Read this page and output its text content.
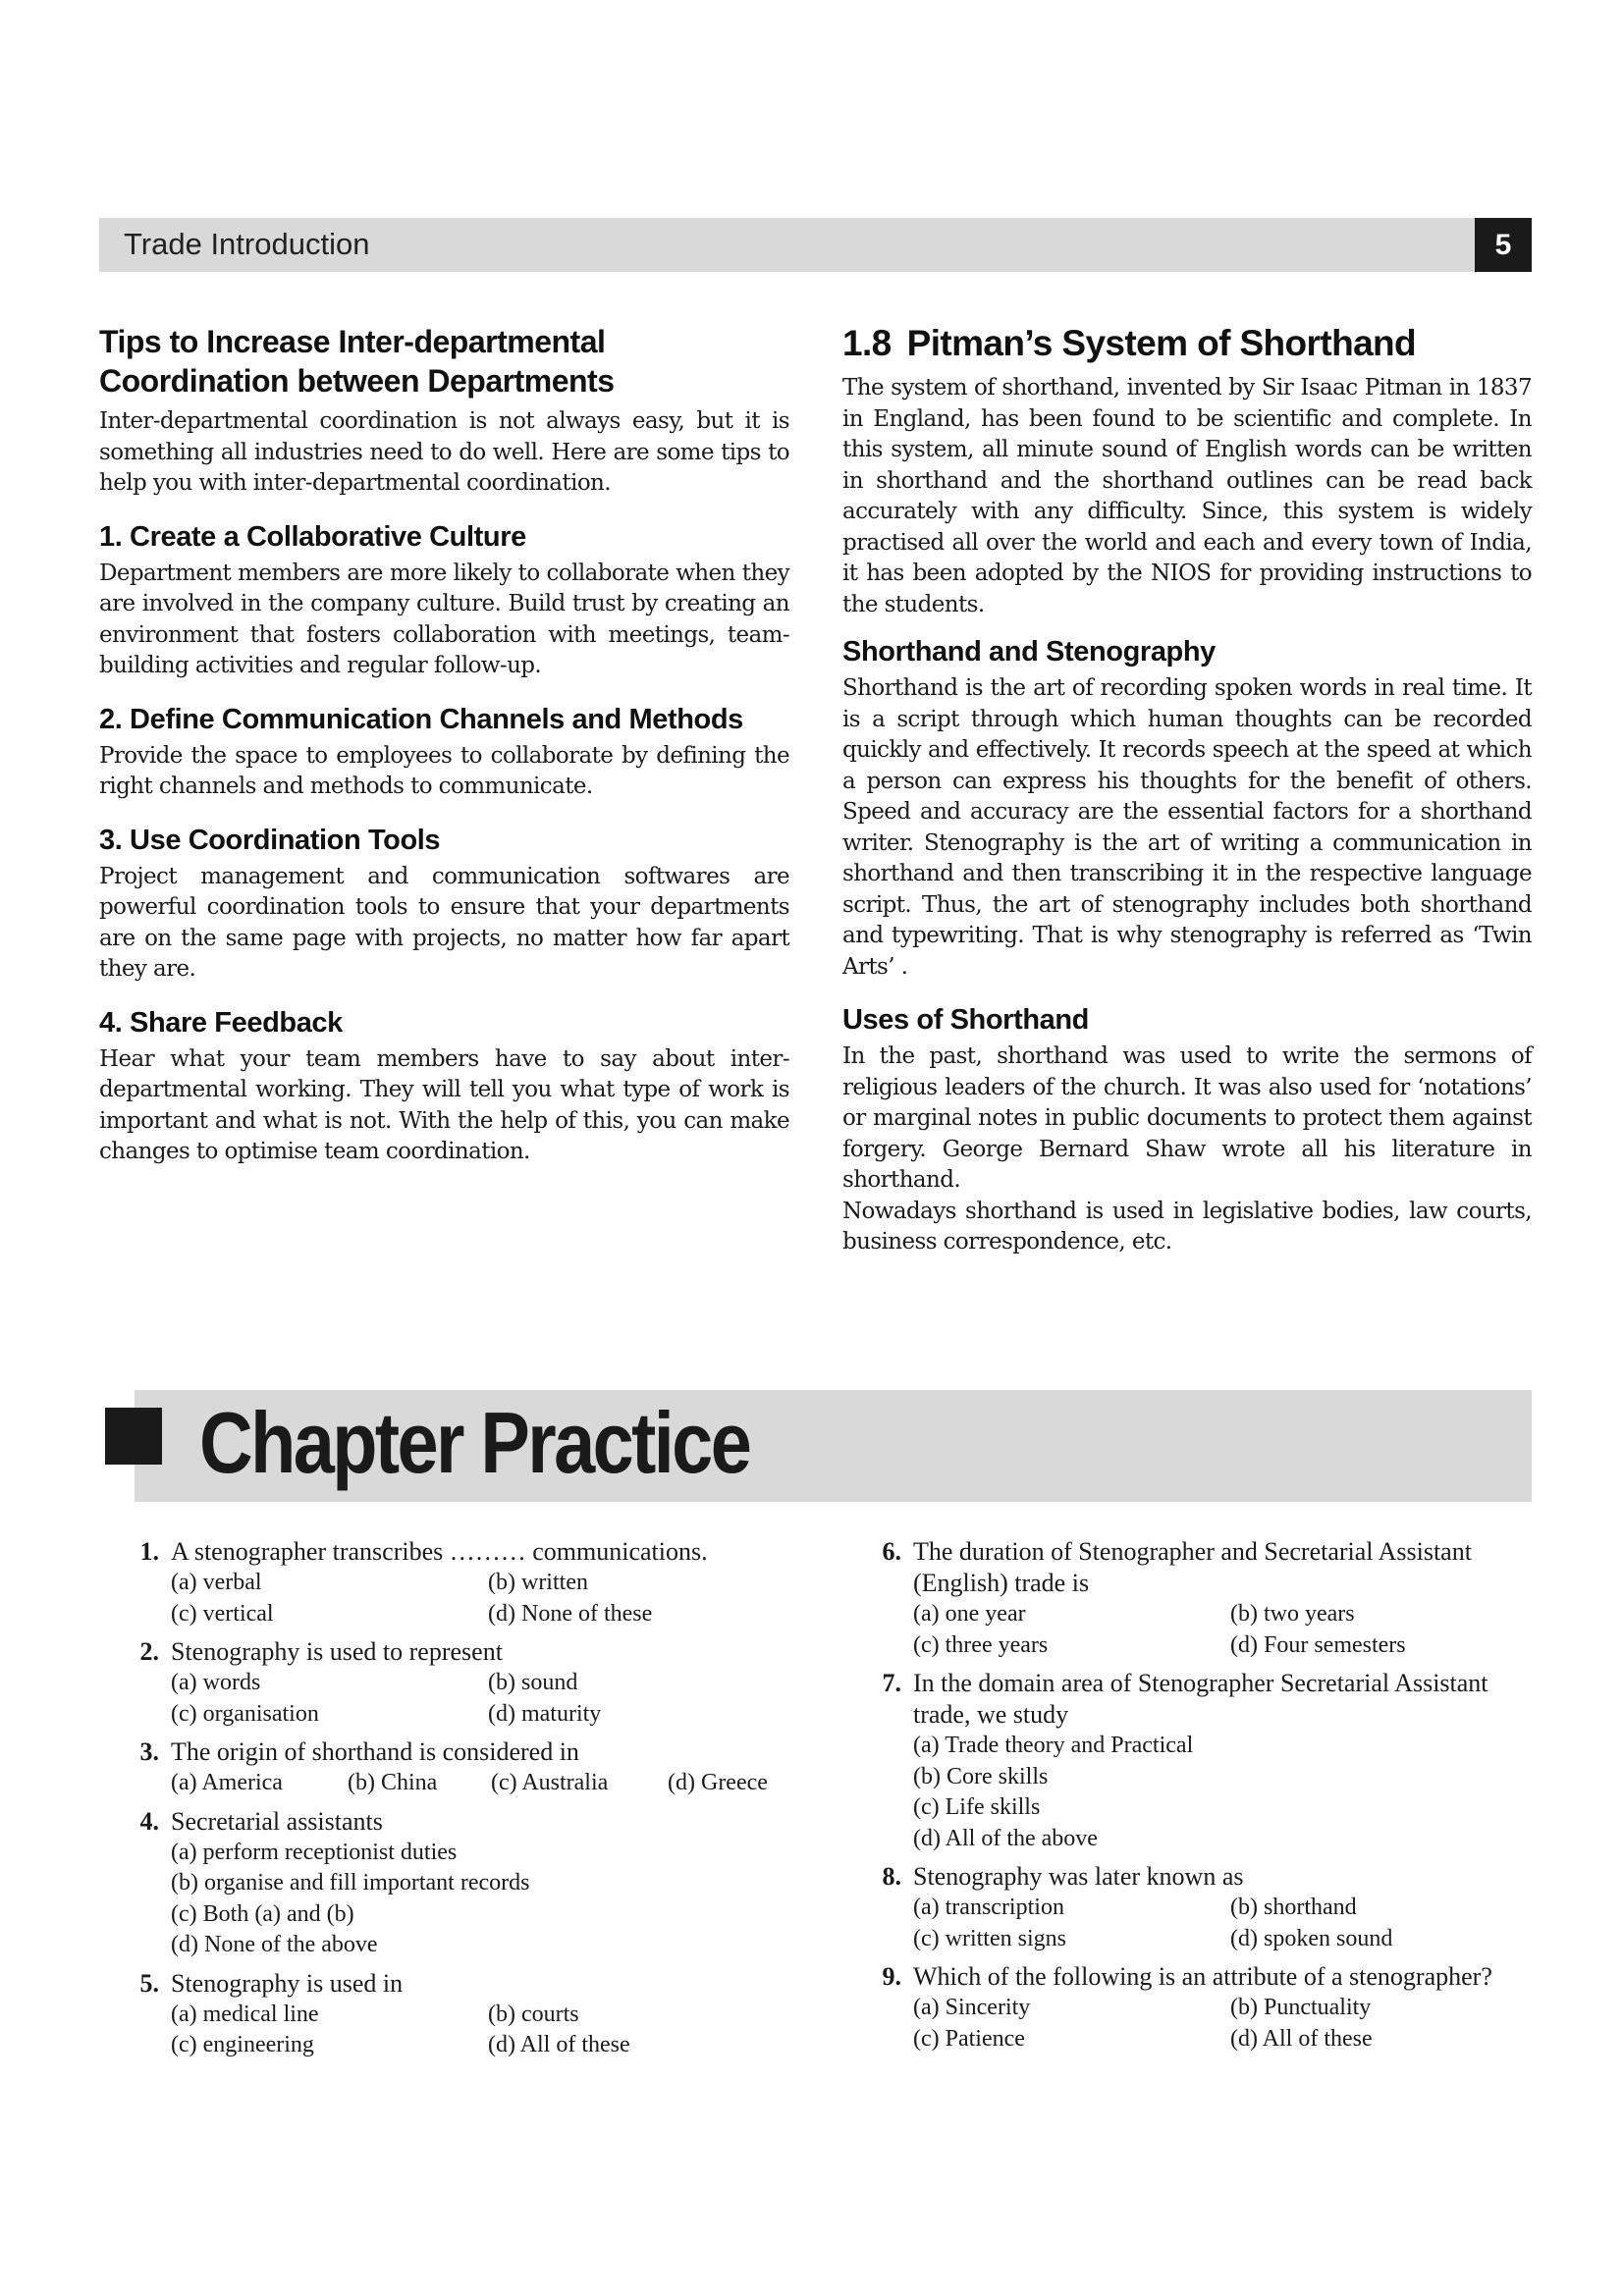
Trade Introduction	5
Tips to Increase Inter-departmental
Coordination between Departments

Inter-departmental coordination is not always easy, but it is something all industries need to do well. Here are some tips to help you with inter-departmental coordination.

1. Create a Collaborative Culture

Department members are more likely to collaborate when they are involved in the company culture. Build trust by creating an environment that fosters collaboration with meetings, team-building activities and regular follow-up.

2. Define Communication Channels and Methods

Provide the space to employees to collaborate by defining the right channels and methods to communicate.

3. Use Coordination Tools

Project management and communication softwares are powerful coordination tools to ensure that your departments are on the same page with projects, no matter how far apart they are.

4. Share Feedback

Hear what your team members have to say about inter-departmental working. They will tell you what type of work is important and what is not. With the help of this, you can make changes to optimise team coordination.

1.8 Pitman’s System of Shorthand

The system of shorthand, invented by Sir Isaac Pitman in 1837 in England, has been found to be scientific and complete. In this system, all minute sound of English words can be written in shorthand and the shorthand outlines can be read back accurately with any difficulty. Since, this system is widely practised all over the world and each and every town of India, it has been adopted by the NIOS for providing instructions to the students.

Shorthand and Stenography

Shorthand is the art of recording spoken words in real time. It is a script through which human thoughts can be recorded quickly and effectively. It records speech at the speed at which a person can express his thoughts for the benefit of others. Speed and accuracy are the essential factors for a shorthand writer. Stenography is the art of writing a communication in shorthand and then transcribing it in the respective language script. Thus, the art of stenography includes both shorthand and typewriting. That is why stenography is referred as ‘Twin Arts’ .

Uses of Shorthand

In the past, shorthand was used to write the sermons of religious leaders of the church. It was also used for ‘notations’ or marginal notes in public documents to protect them against forgery. George Bernard Shaw wrote all his literature in shorthand.

Nowadays shorthand is used in legislative bodies, law courts, business correspondence, etc.

Chapter Practice
1. A stenographer transcribes ……… communications.
(a) verbal	(b) written
(c) vertical	(d) None of these
2. Stenography is used to represent
(a) words	(b) sound
(c) organisation	(d) maturity
3. The origin of shorthand is considered in
(a) America	(b) China	(c) Australia	(d) Greece
4. Secretarial assistants
(a) perform receptionist duties
(b) organise and fill important records
(c) Both (a) and (b)
(d) None of the above
5. Stenography is used in
(a) medical line	(b) courts
(c) engineering	(d) All of these
6. The duration of Stenographer and Secretarial Assistant (English) trade is
(a) one year	(b) two years
(c) three years	(d) Four semesters
7. In the domain area of Stenographer Secretarial Assistant trade, we study
(a) Trade theory and Practical
(b) Core skills
(c) Life skills
(d) All of the above
8. Stenography was later known as
(a) transcription	(b) shorthand
(c) written signs	(d) spoken sound
9. Which of the following is an attribute of a stenographer?
(a) Sincerity	(b) Punctuality
(c) Patience	(d) All of these
